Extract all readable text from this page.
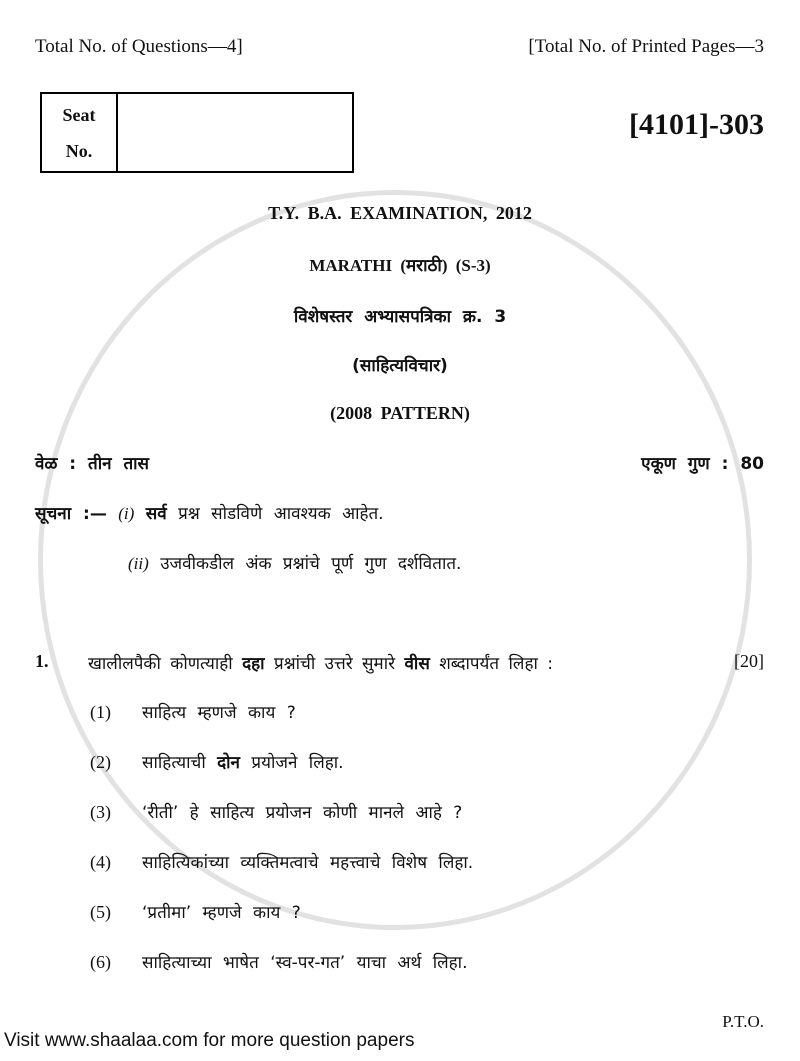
Total No. of Questions—4]	[Total No. of Printed Pages—3
Seat
No.
[4101]-303
T.Y. B.A. EXAMINATION, 2012
MARATHI (मराठी) (S-3)
विशेषस्तर अभ्यासपत्रिका क्र. 3
(साहित्यविचार)
(2008 PATTERN)
वेळ : तीन तास	एकूण गुण : 80
सूचना :— (i) सर्व प्रश्न सोडविणे आवश्यक आहेत.
(ii) उजवीकडील अंक प्रश्नांचे पूर्ण गुण दर्शवितात.
1. खालीलपैकी कोणत्याही दहा प्रश्नांची उत्तरे सुमारे वीस शब्दापर्यंत लिहा :	[20]
(1) साहित्य म्हणजे काय ?
(2) साहित्याची दोन प्रयोजने लिहा.
(3) ‘रीती’ हे साहित्य प्रयोजन कोणी मानले आहे ?
(4) साहित्यिकांच्या व्यक्तिमत्वाचे महत्त्वाचे विशेष लिहा.
(5) ‘प्रतीमा’ म्हणजे काय ?
(6) साहित्याच्या भाषेत ‘स्व-पर-गत’ याचा अर्थ लिहा.
P.T.O.
Visit www.shaalaa.com for more question papers
